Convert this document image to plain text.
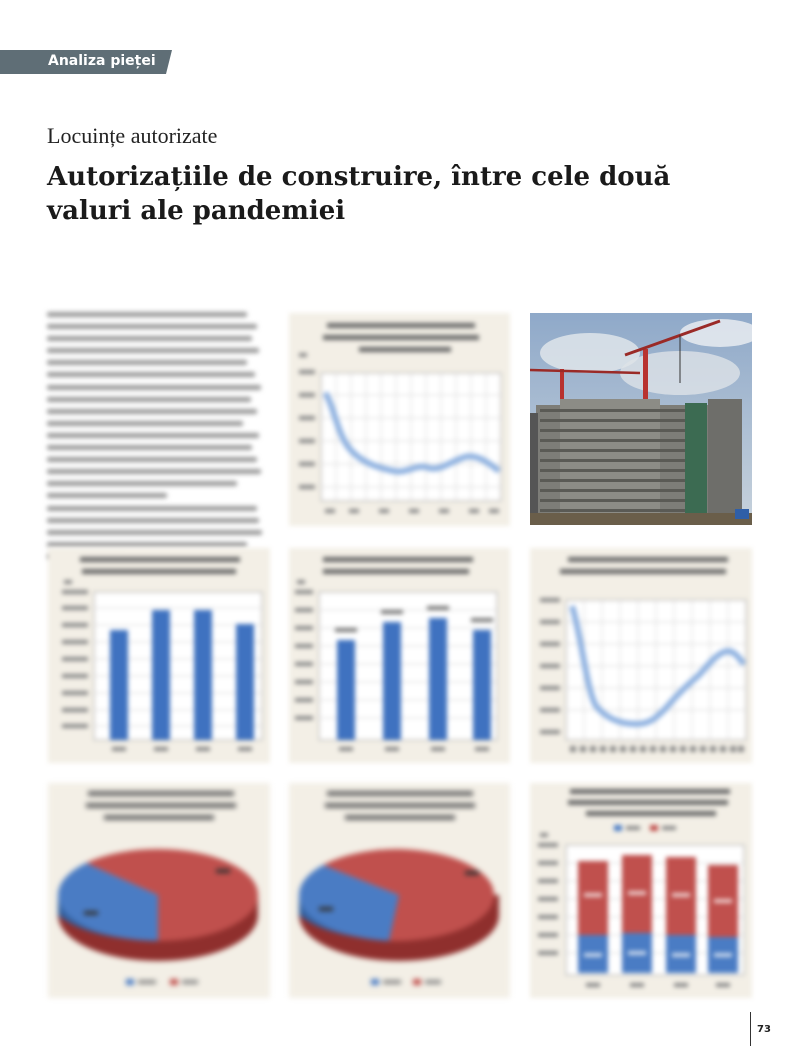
Analiza pieței
Locuințe autorizate
Autorizațiile de construire, între cele două valuri ale pandemiei
73
